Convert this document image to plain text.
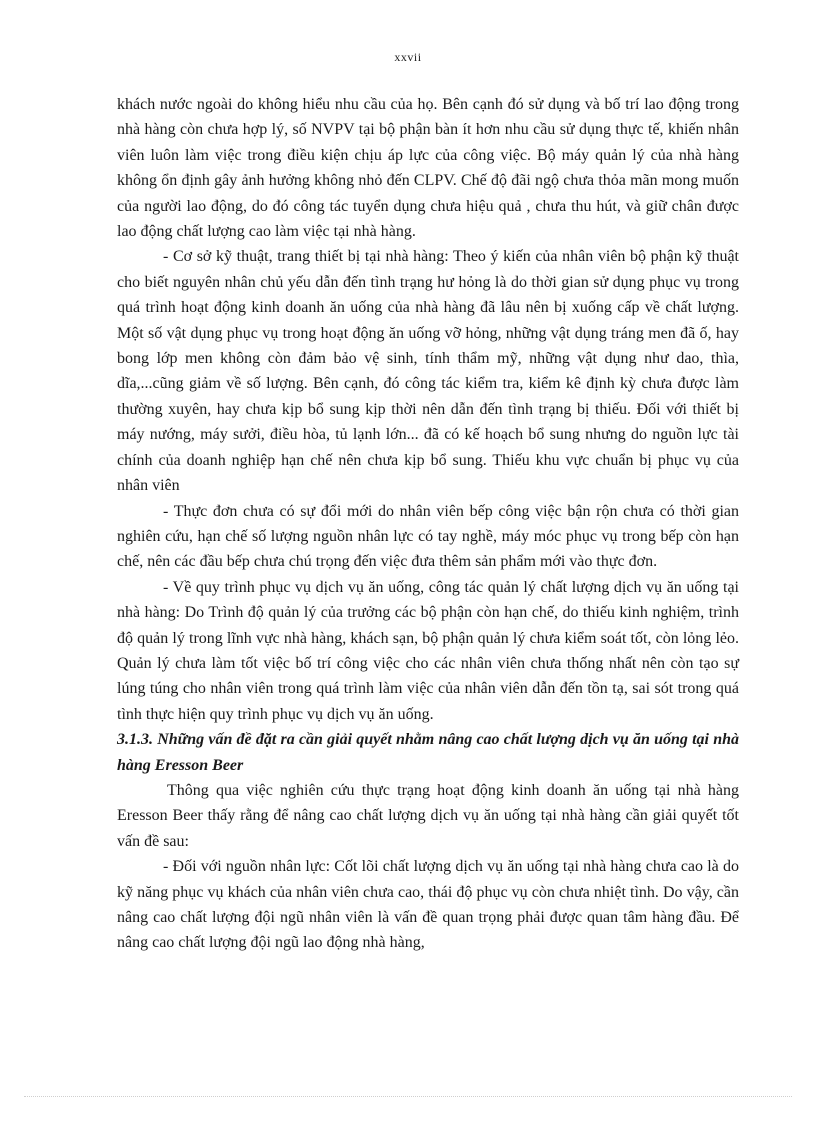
xxvii

khách nước ngoài do không hiểu nhu cầu của họ. Bên cạnh đó sử dụng và bố trí lao động trong nhà hàng còn chưa hợp lý, số NVPV tại bộ phận bàn ít hơn nhu cầu sử dụng thực tế, khiến nhân viên luôn làm việc trong điều kiện chịu áp lực của công việc. Bộ máy quản lý của nhà hàng không ổn định gây ảnh hưởng không nhỏ đến CLPV. Chế độ đãi ngộ chưa thỏa mãn mong muốn của người lao động, do đó công tác tuyển dụng chưa hiệu quả , chưa thu hút, và giữ chân được lao động chất lượng cao làm việc tại nhà hàng.

- Cơ sở kỹ thuật, trang thiết bị tại nhà hàng: Theo ý kiến của nhân viên bộ phận kỹ thuật cho biết nguyên nhân chủ yếu dẫn đến tình trạng hư hỏng là do thời gian sử dụng phục vụ trong quá trình hoạt động kinh doanh ăn uống của nhà hàng đã lâu nên bị xuống cấp về chất lượng. Một số vật dụng phục vụ trong hoạt động ăn uống vỡ hỏng, những vật dụng tráng men đã ố, hay bong lớp men không còn đảm bảo vệ sinh, tính thẩm mỹ, những vật dụng như dao, thìa, dĩa,...cũng giảm về số lượng. Bên cạnh, đó công tác kiểm tra, kiểm kê định kỳ chưa được làm thường xuyên, hay chưa kịp bổ sung kịp thời nên dẫn đến tình trạng bị thiếu. Đối với thiết bị máy nướng, máy sưởi, điều hòa, tủ lạnh lớn... đã có kế hoạch bổ sung nhưng do nguồn lực tài chính của doanh nghiệp hạn chế nên chưa kịp bổ sung. Thiếu khu vực chuẩn bị phục vụ của nhân viên

- Thực đơn chưa có sự đổi mới do nhân viên bếp công việc bận rộn chưa có thời gian nghiên cứu, hạn chế số lượng nguồn nhân lực có tay nghề, máy móc phục vụ trong bếp còn hạn chế, nên các đầu bếp chưa chú trọng đến việc đưa thêm sản phẩm mới vào thực đơn.

- Về quy trình phục vụ dịch vụ ăn uống, công tác quản lý chất lượng dịch vụ ăn uống tại nhà hàng: Do Trình độ quản lý của trưởng các bộ phận còn hạn chế, do thiếu kinh nghiệm, trình độ quản lý trong lĩnh vực nhà hàng, khách sạn, bộ phận quản lý chưa kiểm soát tốt, còn lỏng lẻo. Quản lý chưa làm tốt việc bố trí công việc cho các nhân viên chưa thống nhất nên còn tạo sự lúng túng cho nhân viên trong quá trình làm việc của nhân viên dẫn đến tồn tạ, sai sót trong quá tình thực hiện quy trình phục vụ dịch vụ ăn uống.

3.1.3. Những vấn đề đặt ra cần giải quyết nhằm nâng cao chất lượng dịch vụ ăn uống tại nhà hàng Eresson Beer

Thông qua việc nghiên cứu thực trạng hoạt động kinh doanh ăn uống tại nhà hàng Eresson Beer thấy rằng để nâng cao chất lượng dịch vụ ăn uống tại nhà hàng cần giải quyết tốt vấn đề sau:

- Đối với nguồn nhân lực: Cốt lõi chất lượng dịch vụ ăn uống tại nhà hàng chưa cao là do kỹ năng phục vụ khách của nhân viên chưa cao, thái độ phục vụ còn chưa nhiệt tình. Do vậy, cần nâng cao chất lượng đội ngũ nhân viên là vấn đề quan trọng phải được quan tâm hàng đầu. Để nâng cao chất lượng đội ngũ lao động nhà hàng,
